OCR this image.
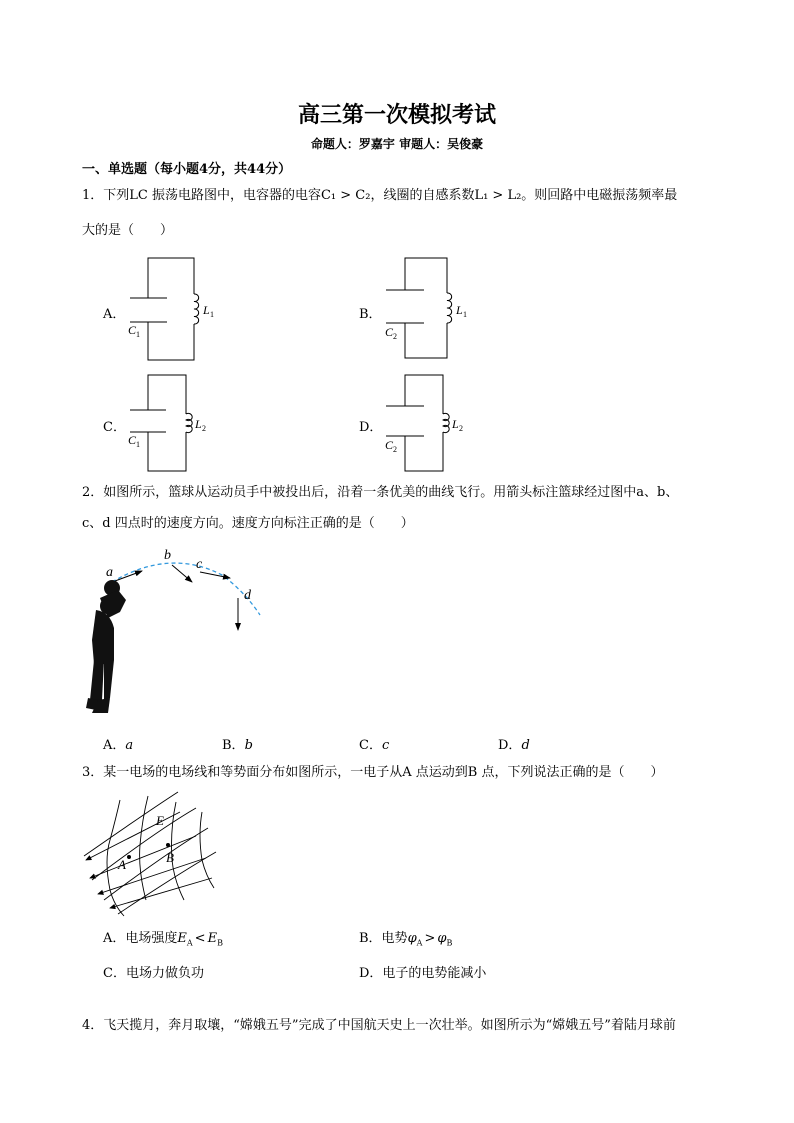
高三第一次模拟考试
命题人：罗嘉宇 审题人：吴俊豪
一、单选题（每小题4分，共44分）
1．下列LC 振荡电路图中，电容器的电容C₁ > C₂，线圈的自感系数L₁ > L₂。则回路中电磁振荡频率最
大的是（　　）
A．
C 1
L 1	B．
C 2
L 1
C．
C 1
L 2	D．
C 2
L 2
2．如图所示，篮球从运动员手中被投出后，沿着一条优美的曲线飞行。用箭头标注篮球经过图中a、b、
c、d 四点时的速度方向。速度方向标注正确的是（　　）
a
b
c
d
A．a	B．b	C．c	D．d
3．某一电场的电场线和等势面分布如图所示，一电子从A 点运动到B 点，下列说法正确的是（　　）
E
A	B
A．电场强度$E_A < E_B$	B．电势$\varphi_A > \varphi_B$
C．电场力做负功	D．电子的电势能减小
4．飞天揽月，奔月取壤，“嫦娥五号”完成了中国航天史上一次壮举。如图所示为“嫦娥五号”着陆月球前
